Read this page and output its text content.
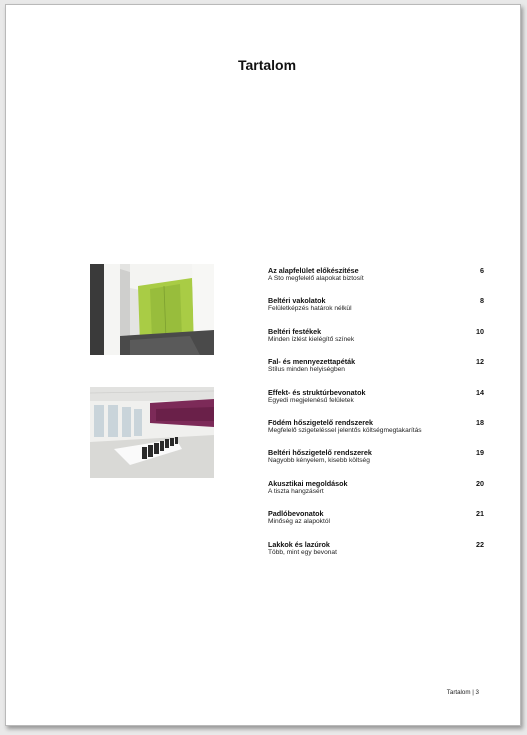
Tartalom
Az alapfelület előkészítése
A Sto megfelelő alapokat biztosít
6
Beltéri vakolatok
Felületképzés határok nélkül
8
Beltéri festékek
Minden ízlést kielégítő színek
10
Fal- és mennyezettapéták
Stílus minden helyiségben
12
Effekt- és struktúrbevonatok
Egyedi megjelenésű felületek
14
Födém hőszigetelő rendszerek
Megfelelő szigeteléssel jelentős költségmegtakarítás
18
Beltéri hőszigetelő rendszerek
Nagyobb kényelem, kisebb költség
19
Akusztikai megoldások
A tiszta hangzásért
20
Padlóbevonatok
Minőség az alapoktól
21
Lakkok és lazúrok
Több, mint egy bevonat
22
Tartalom | 3
